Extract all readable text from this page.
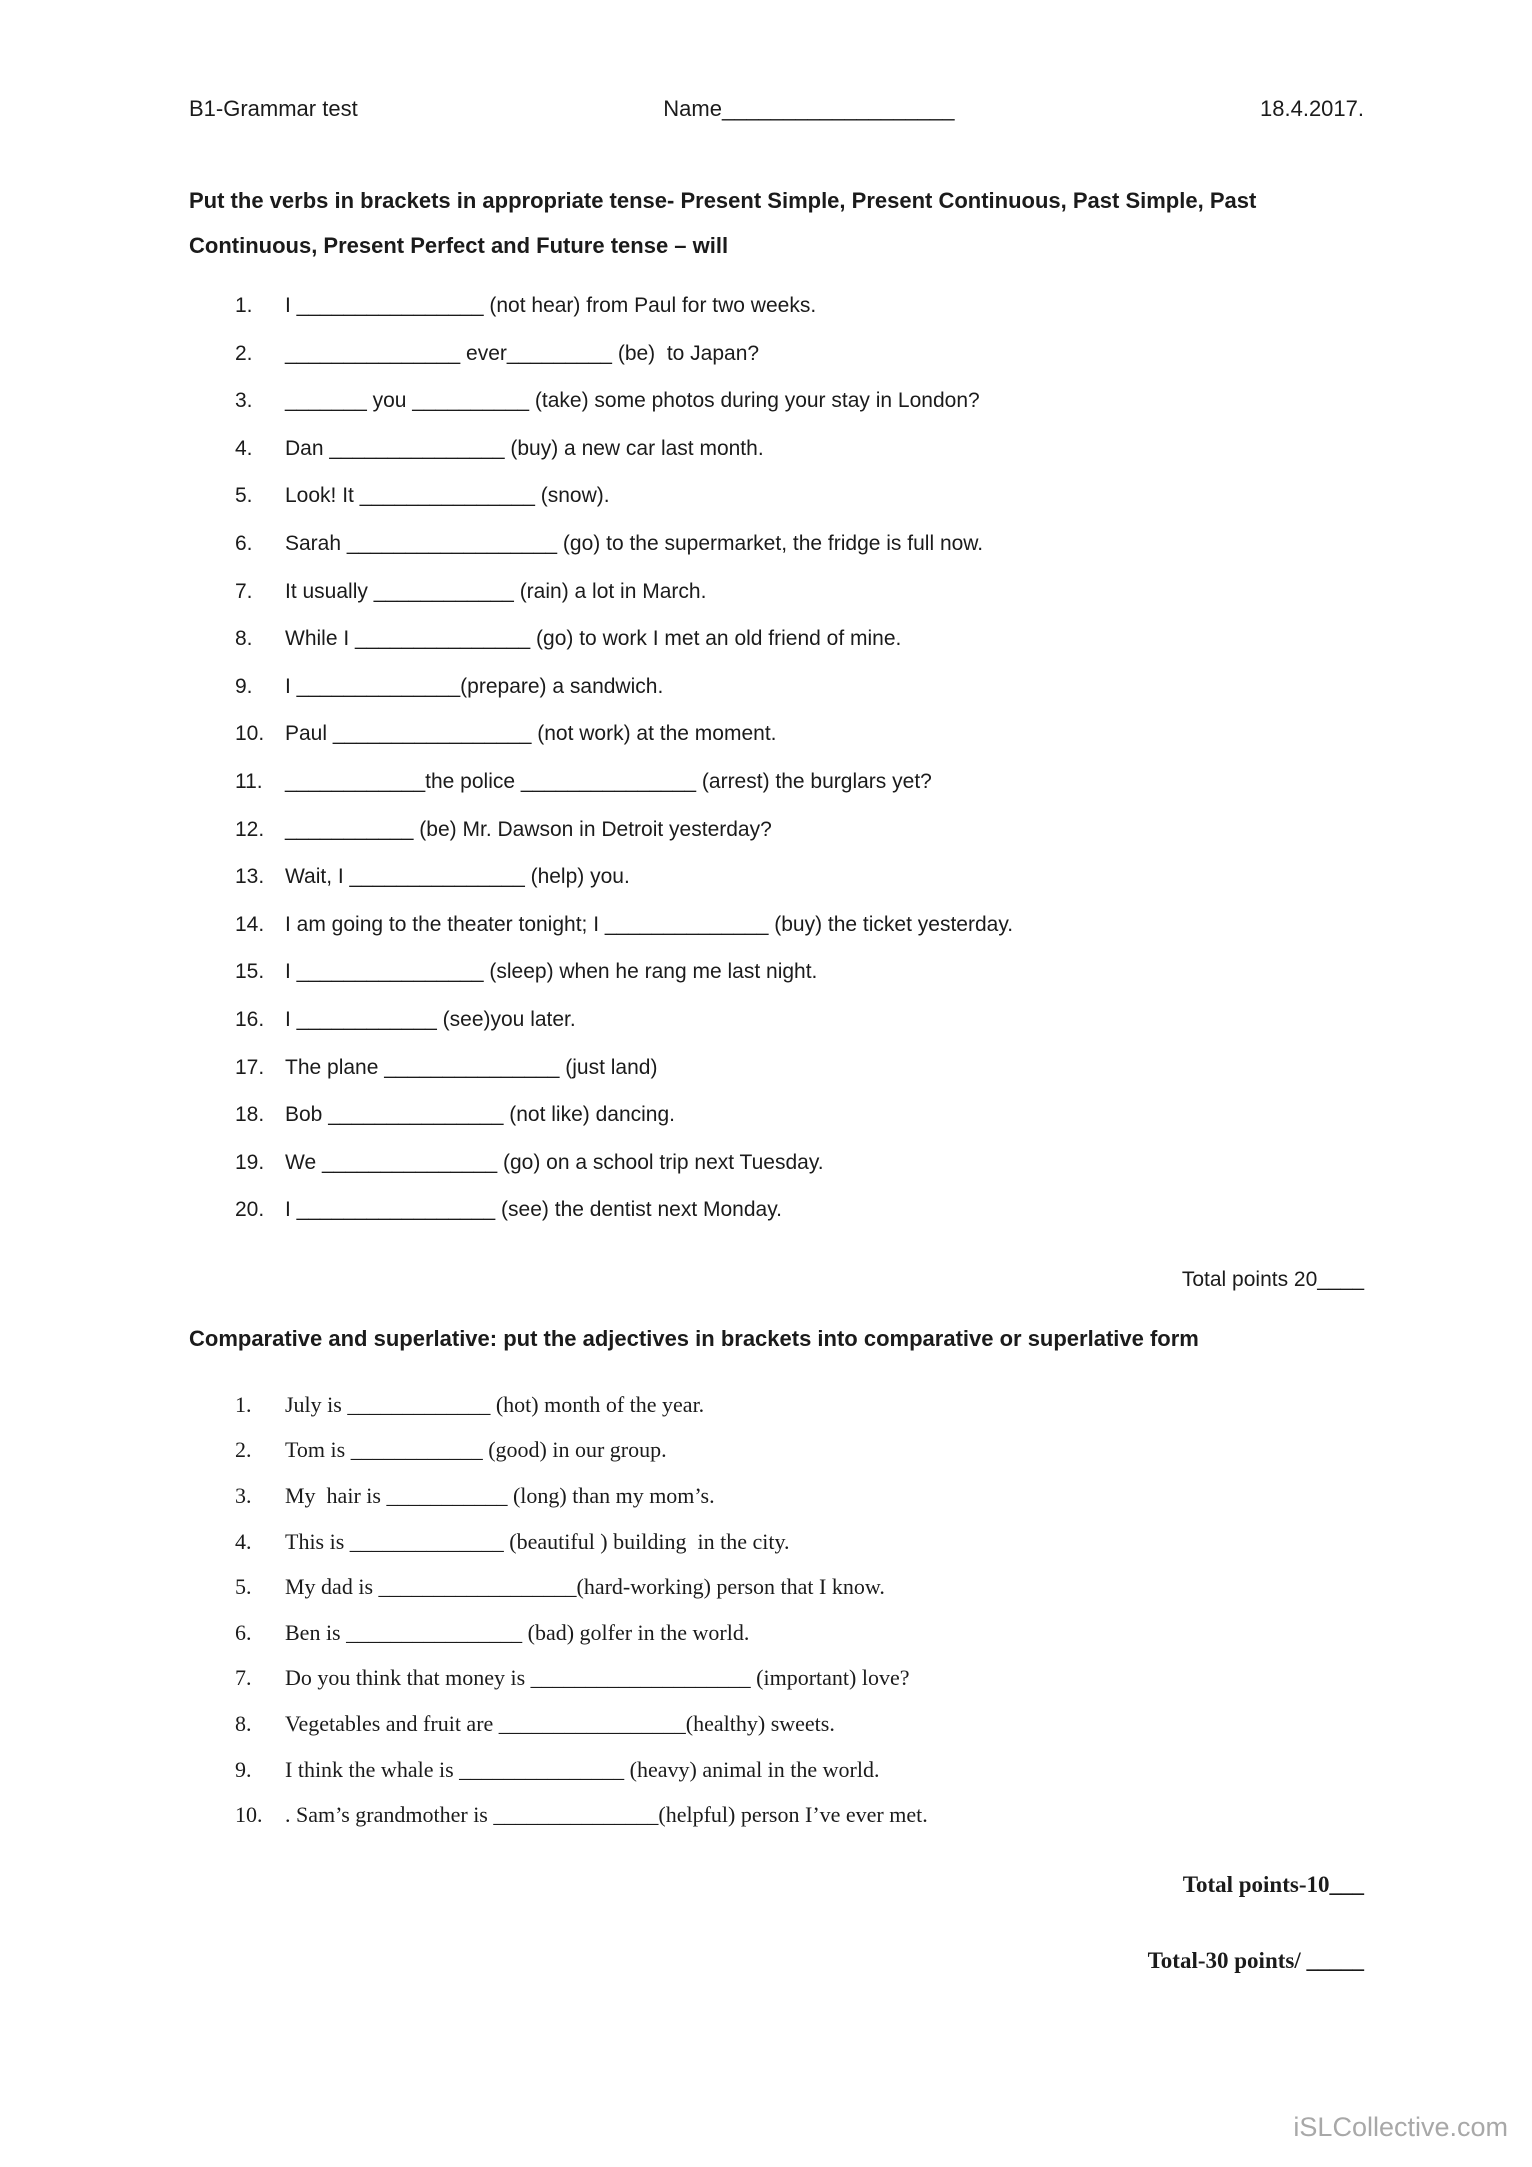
B1-Grammar test	Name___________________	18.4.2017.
Put the verbs in brackets in appropriate tense- Present Simple, Present Continuous, Past Simple, Past Continuous, Present Perfect and Future tense – will
1.	I ________________ (not hear) from Paul for two weeks.
2.	_______________ ever_________ (be)  to Japan?
3.	_______ you __________ (take) some photos during your stay in London?
4.	Dan _______________ (buy) a new car last month.
5.	Look! It _______________ (snow).
6.	Sarah __________________ (go) to the supermarket, the fridge is full now.
7.	It usually ____________ (rain) a lot in March.
8.	While I _______________ (go) to work I met an old friend of mine.
9.	I ______________(prepare) a sandwich.
10. Paul _________________ (not work) at the moment.
11.	____________the police _______________ (arrest) the burglars yet?
12. ___________ (be) Mr. Dawson in Detroit yesterday?
13. Wait, I _______________ (help) you.
14. I am going to the theater tonight; I ______________ (buy) the ticket yesterday.
15. I ________________ (sleep) when he rang me last night.
16. I ____________ (see)you later.
17. The plane _______________ (just land)
18. Bob _______________ (not like) dancing.
19. We _______________ (go) on a school trip next Tuesday.
20. I _________________ (see) the dentist next Monday.
Total points 20____
Comparative and superlative: put the adjectives in brackets into comparative or superlative form
1.	July is _____________ (hot) month of the year.
2.	Tom is ____________ (good) in our group.
3.	My  hair is ___________ (long) than my mom’s.
4.	This is ______________ (beautiful ) building  in the city.
5.	My dad is __________________(hard-working) person that I know.
6.	Ben is ________________ (bad) golfer in the world.
7.	Do you think that money is ____________________ (important) love?
8.	Vegetables and fruit are _________________(healthy) sweets.
9.	I think the whale is _______________ (heavy) animal in the world.
10.	. Sam’s grandmother is _______________(helpful) person I’ve ever met.
Total points-10___
Total-30 points/ _____
iSLCollective.com
